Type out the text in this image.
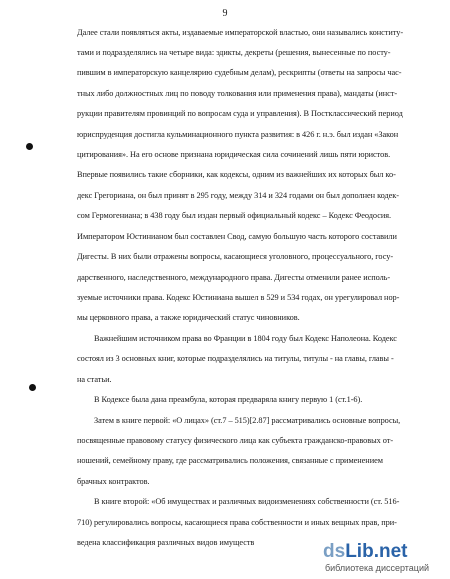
9
Далее стали появляться акты, издаваемые императорской властью, они назывались конститу-
тами и подразделялись на четыре вида: эдикты, декреты (решения, вынесенные по посту-
пившим в императорскую канцелярию судебным делам), рескрипты (ответы на запросы час-
тных либо должностных лиц по поводу толкования или применения права), мандаты (инст-
рукции правителям провинций по вопросам суда и управления). В Постклассический период
юриспруденция достигла кульминационного пункта развития: в 426 г. н.э. был издан «Закон
цитирования». На его основе признана юридическая сила сочинений лишь пяти юристов.
Впервые появились такие сборники, как кодексы, одним из важнейших их которых был ко-
декс Грегориана, он был принят в 295 году, между 314 и 324 годами он был дополнен кодек-
сом Гермогениана; в 438 году был издан первый официальный кодекс – Кодекс Феодосия.
Императором Юстинианом был составлен Свод, самую большую часть которого составили
Дигесты. В них были отражены вопросы, касающиеся уголовного, процессуального, госу-
дарственного, наследственного, международного права. Дигесты отменили ранее исполь-
зуемые источники права. Кодекс Юстиниана вышел в 529 и 534 годах, он урегулировал нор-
мы церковного права, а также юридический статус чиновников.
Важнейшим источником права во Франции в 1804 году был Кодекс Наполеона. Кодекс
состоял из 3 основных книг, которые подразделялись на титулы, титулы - на главы, главы -
на статьи.
В Кодексе была дана преамбула, которая предваряла книгу первую 1 (ст.1-6).
Затем в книге первой: «О лицах» (ст.7 – 515)[2.87] рассматривались основные вопросы,
посвященные правовому статусу физического лица как субъекта гражданско-правовых от-
ношений, семейному праву, где рассматривались положения, связанные с применением
брачных контрактов.
В книге второй: «Об имуществах и различных видоизменениях собственности (ст. 516-
710) регулировались вопросы, касающиеся права собственности и иных вещных прав, при-
ведена классификация различных видов имуществ	dsLib.net
библиотека диссертаций
